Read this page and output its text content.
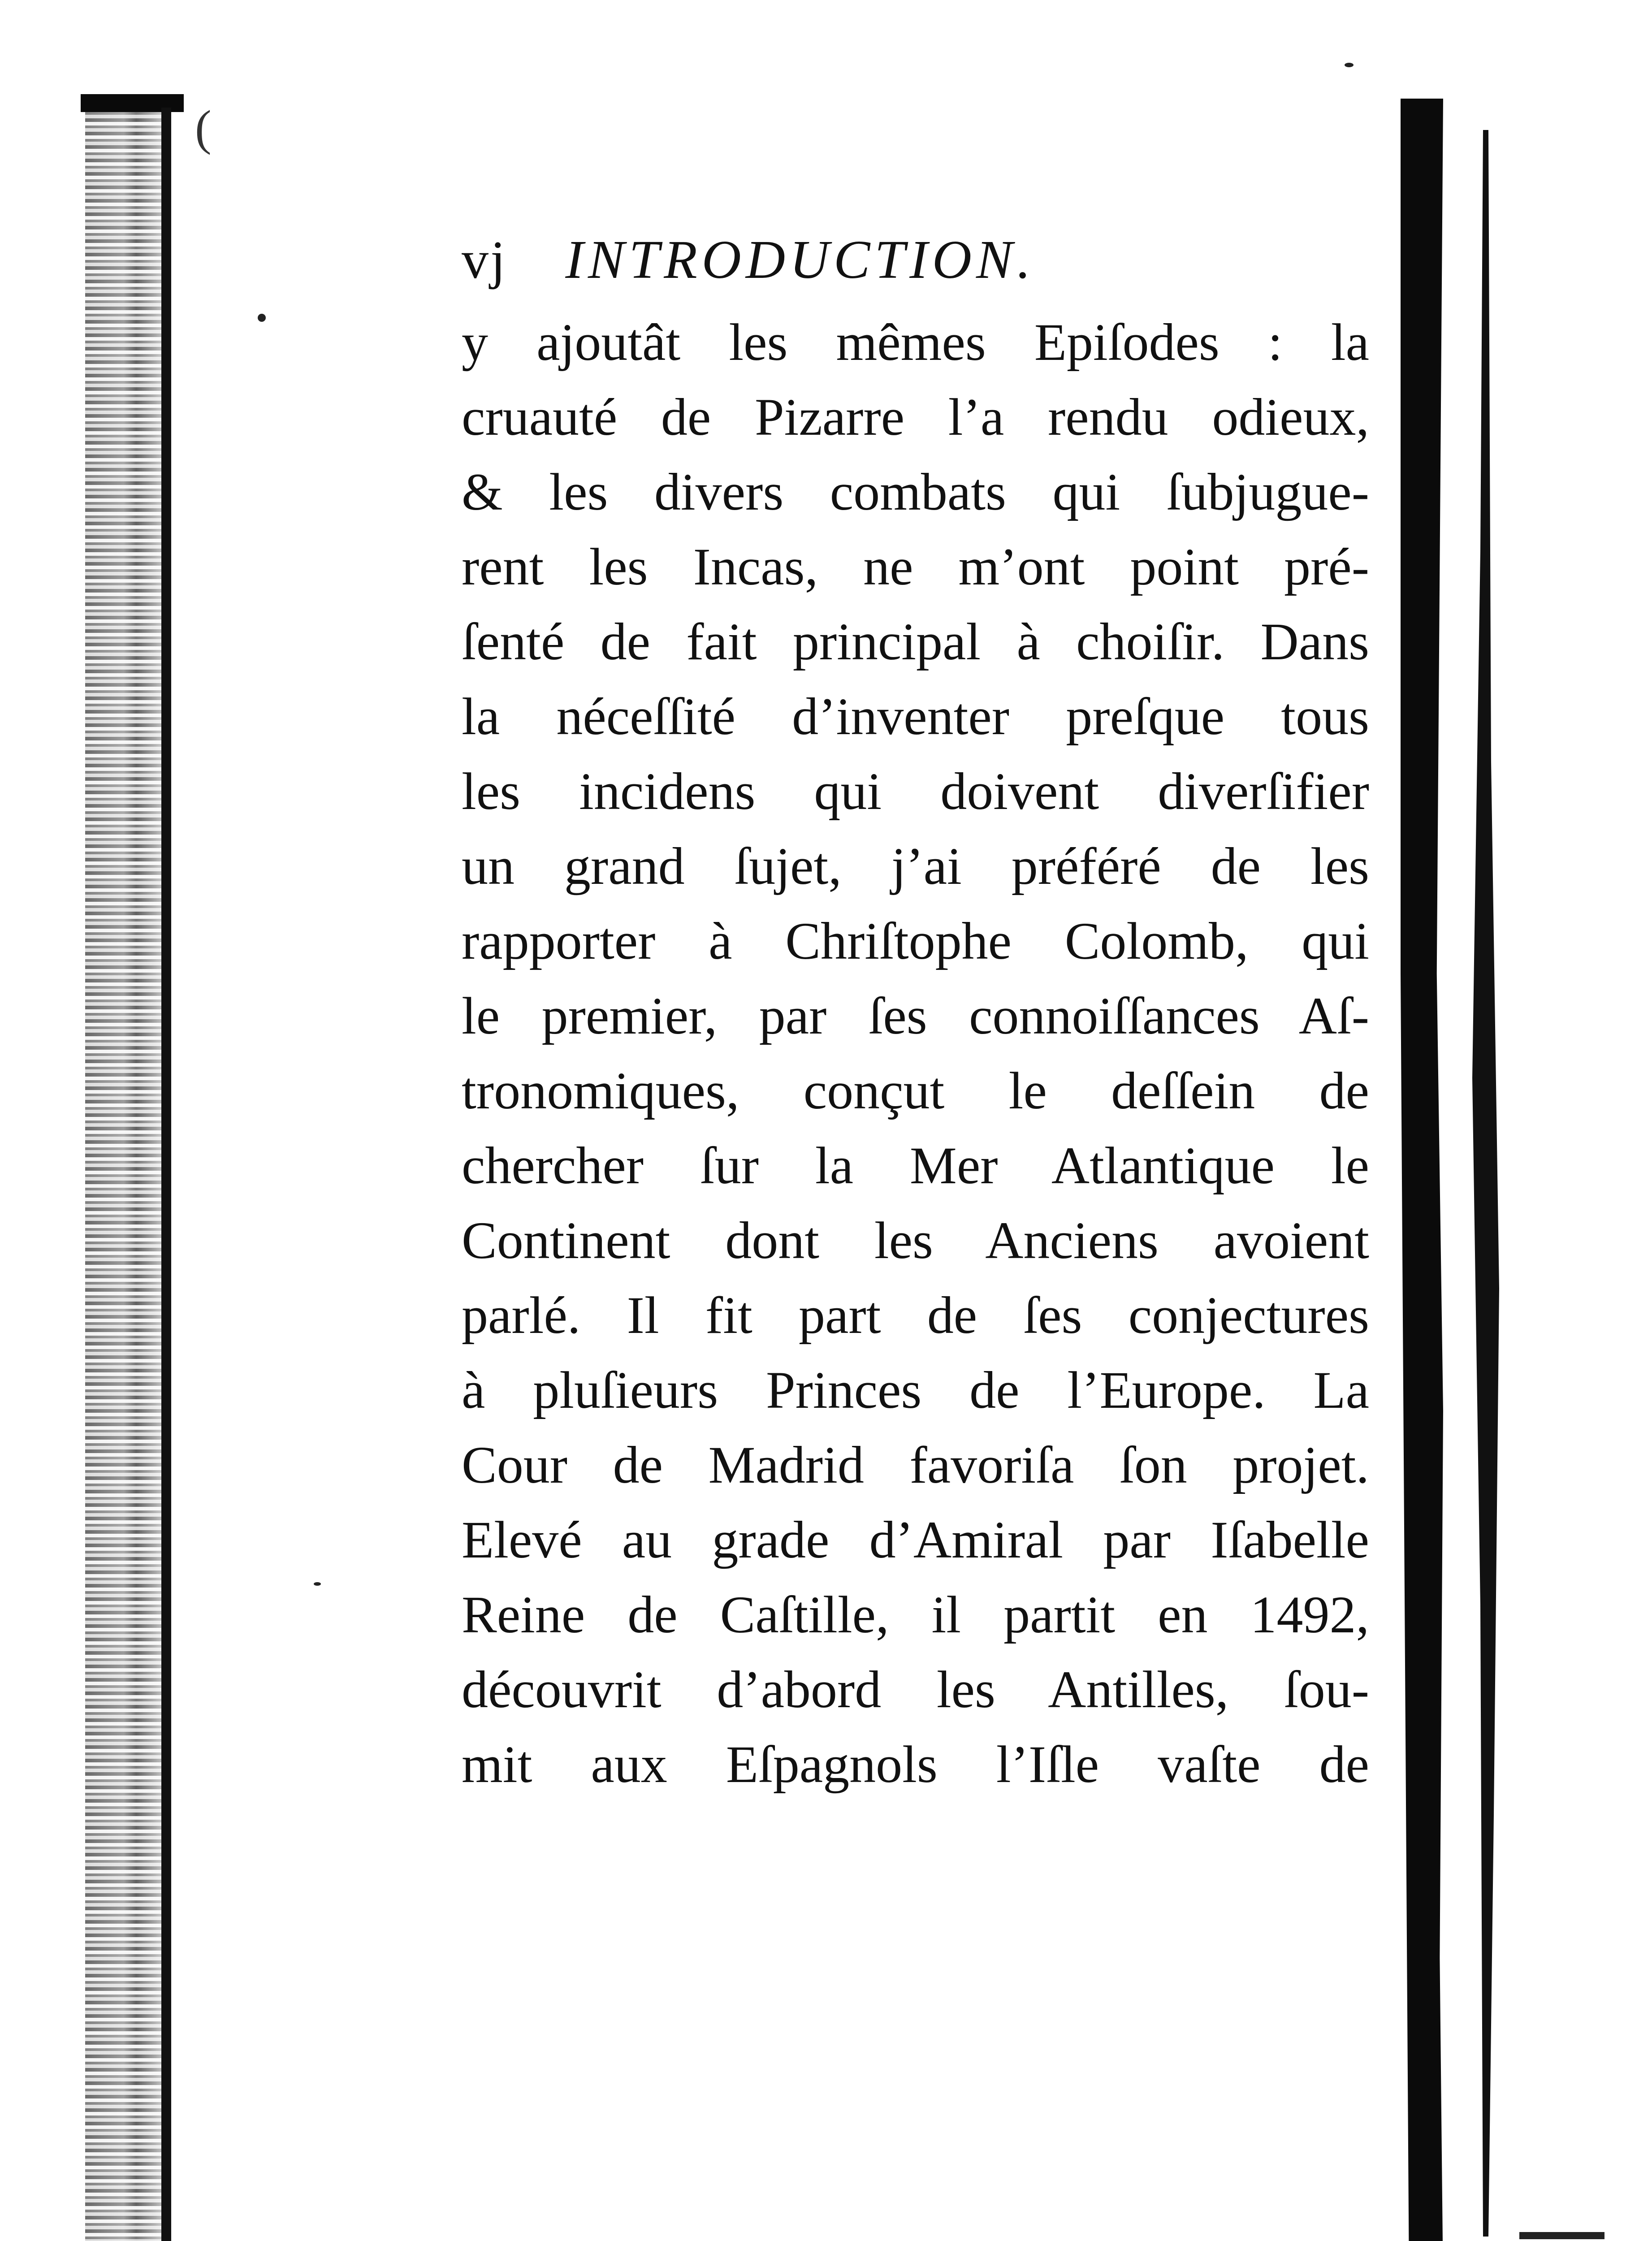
(
vj INTRODUCTION.
y ajoutât les mêmes Epiſodes : la
cruauté de Pizarre l’a rendu odieux,
& les divers combats qui ſubjugue-
rent les Incas, ne m’ont point pré-
ſenté de fait principal à choiſir. Dans
la néceſſité d’inventer preſque tous
les incidens qui doivent diverſifier
un grand ſujet, j’ai préféré de les
rapporter à Chriſtophe Colomb, qui
le premier, par ſes connoiſſances Aſ-
tronomiques, conçut le deſſein de
chercher ſur la Mer Atlantique le
Continent dont les Anciens avoient
parlé. Il fit part de ſes conjectures
à pluſieurs Princes de l’Europe. La
Cour de Madrid favoriſa ſon projet.
Elevé au grade d’Amiral par Iſabelle
Reine de Caſtille, il partit en 1492,
découvrit d’abord les Antilles, ſou-
mit aux Eſpagnols l’Iſle vaſte de
